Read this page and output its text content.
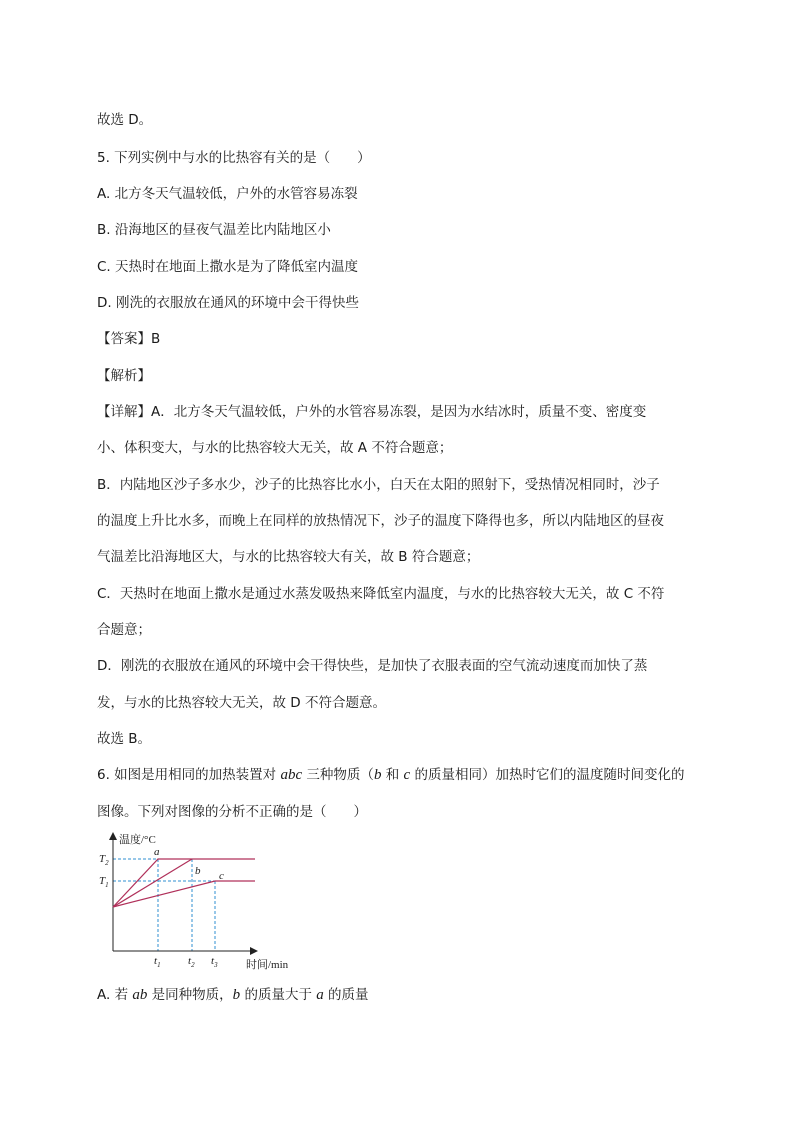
故选 D。
5. 下列实例中与水的比热容有关的是（　　）
A. 北方冬天气温较低，户外的水管容易冻裂
B. 沿海地区的昼夜气温差比内陆地区小
C. 天热时在地面上撒水是为了降低室内温度
D. 刚洗的衣服放在通风的环境中会干得快些
【答案】B
【解析】
【详解】A．北方冬天气温较低，户外的水管容易冻裂，是因为水结冰时，质量不变、密度变
小、体积变大，与水的比热容较大无关，故 A 不符合题意；
B．内陆地区沙子多水少，沙子的比热容比水小，白天在太阳的照射下，受热情况相同时，沙子
的温度上升比水多，而晚上在同样的放热情况下，沙子的温度下降得也多，所以内陆地区的昼夜
气温差比沿海地区大，与水的比热容较大有关，故 B 符合题意；
C．天热时在地面上撒水是通过水蒸发吸热来降低室内温度，与水的比热容较大无关，故 C 不符
合题意；
D．刚洗的衣服放在通风的环境中会干得快些，是加快了衣服表面的空气流动速度而加快了蒸
发，与水的比热容较大无关，故 D 不符合题意。
故选 B。
6. 如图是用相同的加热装置对 abc 三种物质（b 和 c 的质量相同）加热时它们的温度随时间变化的
图像。下列对图像的分析不正确的是（　　）
温度/°C
时间/min
$T_2$
$T_1$
$t_1$ $t_2$ $t_3$
a
b c
A. 若 ab 是同种物质，b 的质量大于 a 的质量
